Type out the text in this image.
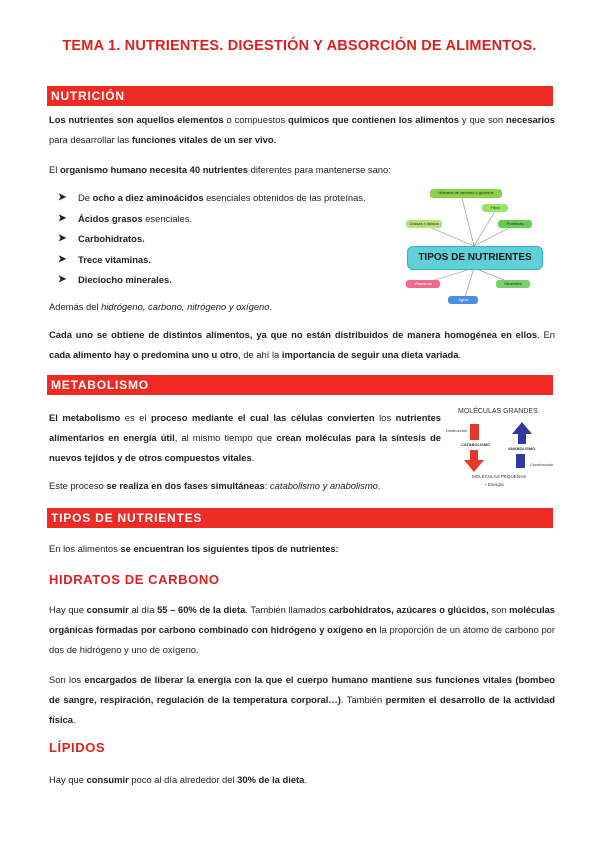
TEMA 1. NUTRIENTES. DIGESTIÓN Y ABSORCIÓN DE ALIMENTOS.
NUTRICIÓN
Los nutrientes son aquellos elementos o compuestos químicos que contienen los alimentos y que son necesarios para desarrollar las funciones vitales de un ser vivo.
El organismo humano necesita 40 nutrientes diferentes para mantenerse sano:
➤ De ocho a diez aminoácidos esenciales obtenidos de las proteínas.
➤ Ácidos grasos esenciales.
➤ Carbohidratos.
➤ Trece vitaminas.
➤ Dieciocho minerales.
Hidratos de carbono o glúcidos
Fibra
Grasas o lípidos	Proteínas
TIPOS DE NUTRIENTES
Vitaminas	Minerales
Agua
Además del hidrógeno, carbono, nitrógeno y oxígeno.
Cada uno se obtiene de distintos alimentos, ya que no están distribuidos de manera homogénea en ellos. En cada alimento hay o predomina uno u otro, de ahí la importancia de seguir una dieta variada.
METABOLISMO
El metabolismo es el proceso mediante el cual las células convierten los nutrientes alimentarios en energía útil, al mismo tiempo que crean moléculas para la síntesis de nuevos tejidos y de otros compuestos vitales.
Este proceso se realiza en dos fases simultáneas: catabolismo y anabolismo.
MOLÉCULAS GRANDES
Destrucción
CATABOLISMO
ANABOLISMO
Construcción
MOLÉCULAS PEQUEÑAS
+ Energía
TIPOS DE NUTRIENTES
En los alimentos se encuentran los siguientes tipos de nutrientes:
HIDRATOS DE CARBONO
Hay que consumir al día 55 – 60% de la dieta. También llamados carbohidratos, azúcares o glúcidos, son moléculas orgánicas formadas por carbono combinado con hidrógeno y oxígeno en la proporción de un átomo de carbono por dos de hidrógeno y uno de oxígeno.
Son los encargados de liberar la energía con la que el cuerpo humano mantiene sus funciones vitales (bombeo de sangre, respiración, regulación de la temperatura corporal…). También permiten el desarrollo de la actividad física.
LÍPIDOS
Hay que consumir poco al día alrededor del 30% de la dieta.
